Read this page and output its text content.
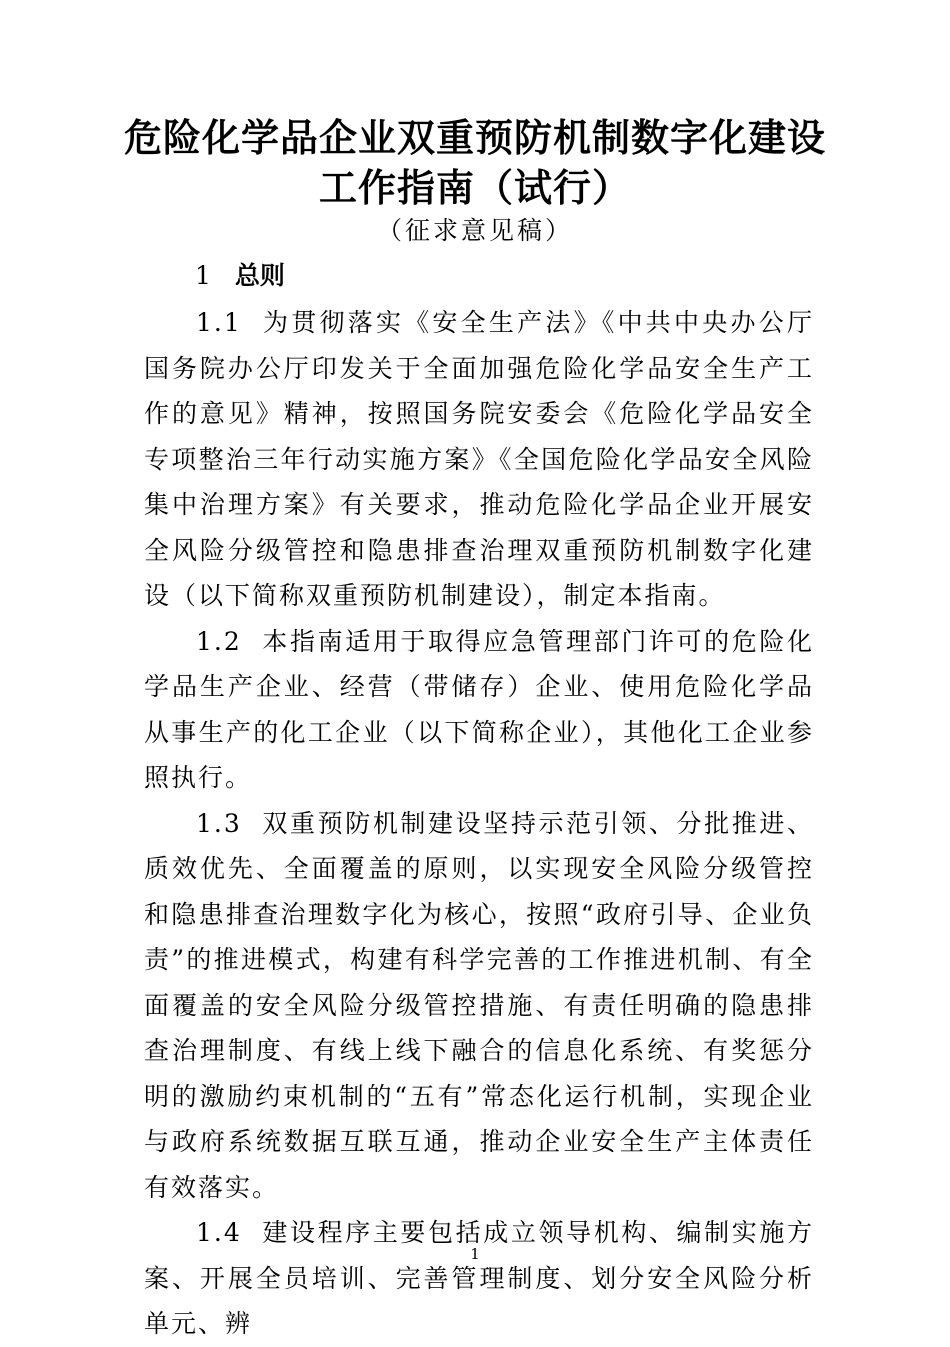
危险化学品企业双重预防机制数字化建设
工作指南（试行）
（征求意见稿）
1 总则

1.1 为贯彻落实《安全生产法》《中共中央办公厅国务院办公厅印发关于全面加强危险化学品安全生产工作的意见》精神，按照国务院安委会《危险化学品安全专项整治三年行动实施方案》《全国危险化学品安全风险集中治理方案》有关要求，推动危险化学品企业开展安全风险分级管控和隐患排查治理双重预防机制数字化建设（以下简称双重预防机制建设），制定本指南。

1.2 本指南适用于取得应急管理部门许可的危险化学品生产企业、经营（带储存）企业、使用危险化学品从事生产的化工企业（以下简称企业），其他化工企业参照执行。

1.3 双重预防机制建设坚持示范引领、分批推进、质效优先、全面覆盖的原则，以实现安全风险分级管控和隐患排查治理数字化为核心，按照“政府引导、企业负责”的推进模式，构建有科学完善的工作推进机制、有全面覆盖的安全风险分级管控措施、有责任明确的隐患排查治理制度、有线上线下融合的信息化系统、有奖惩分明的激励约束机制的“五有”常态化运行机制，实现企业与政府系统数据互联互通，推动企业安全生产主体责任有效落实。

1.4 建设程序主要包括成立领导机构、编制实施方案、开展全员培训、完善管理制度、划分安全风险分析单元、辨

1
